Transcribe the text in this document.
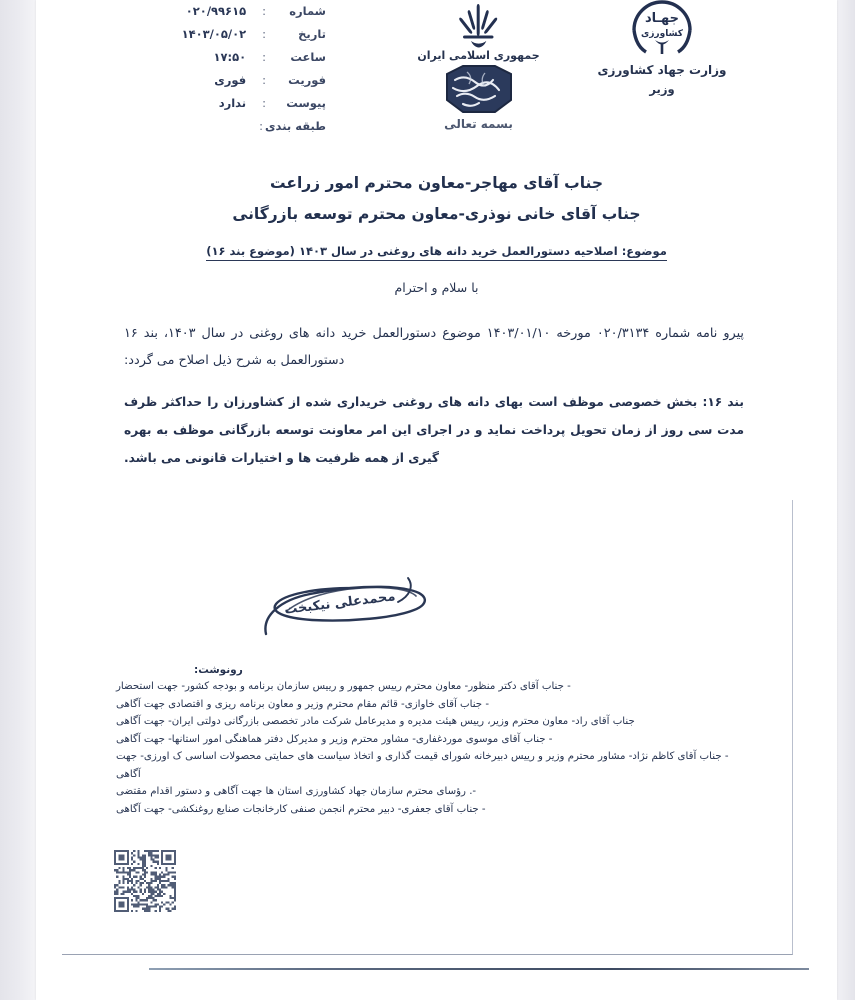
شماره
:
۰۲۰/۹۹۶۱۵
تاریخ
:
۱۴۰۳/۰۵/۰۲
ساعت
:
۱۷:۵۰
فوریت
:
فوری
پیوست
:
ندارد
طبقه بندی
:
جمهوری اسلامی ایران
بسمه تعالی
جهـاد
کشاورزی
وزارت جهاد کشاورزی
وزیر
جناب آقای مهاجر-معاون محترم امور زراعت
جناب آقای خانی نوذری-معاون محترم توسعه بازرگانی
موضوع: اصلاحیه دستورالعمل خرید دانه های روغنی در سال ۱۴۰۳ (موضوع بند ۱۶)
با سلام و احترام
پیرو نامه شماره ۰۲۰/۳۱۳۴ مورخه ۱۴۰۳/۰۱/۱۰ موضوع دستورالعمل خرید دانه های روغنی در سال ۱۴۰۳، بند ۱۶ دستورالعمل به شرح ذیل اصلاح می گردد:
بند ۱۶: بخش خصوصی موظف است بهای دانه های روغنی خریداری شده از کشاورزان را حداکثر ظرف مدت سی روز از زمان تحویل پرداخت نماید و در اجرای این امر معاونت توسعه بازرگانی موظف به بهره گیری از همه ظرفیت ها و اختیارات قانونی می باشد.
محمدعلی نیکبخت
رونوشت:
- جناب آقای دکتر منظور- معاون محترم رییس جمهور و رییس سازمان برنامه و بودجه کشور- جهت استحضار
- جناب آقای خاوازی- قائم مقام محترم وزیر و معاون برنامه ریزی و اقتصادی جهت آگاهی
جناب آقای راد- معاون محترم وزیر، رییس هیئت مدیره و مدیرعامل شرکت مادر تخصصی بازرگانی دولتی ایران- جهت آگاهی
- جناب آقای موسوی موردغفاری- مشاور محترم وزیر و مدیرکل دفتر هماهنگی امور استانها- جهت آگاهی
- جناب آقای کاظم نژاد- مشاور محترم وزیر و رییس دبیرخانه شورای قیمت گذاری و اتخاذ سیاست های حمایتی محصولات اساسی ک اورزی- جهت آگاهی
-. رؤسای محترم سازمان جهاد کشاورزی استان ها جهت آگاهی و دستور اقدام مقتضی
- جناب آقای جعفری- دبیر محترم انجمن صنفی کارخانجات صنایع روغنکشی- جهت آگاهی
